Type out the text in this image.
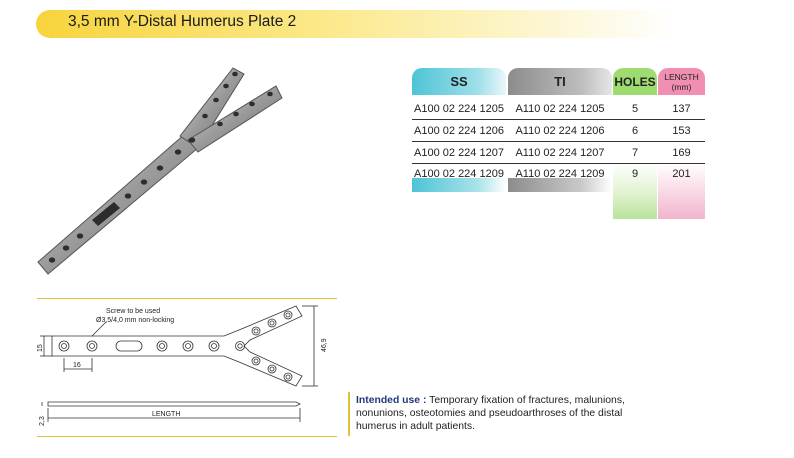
3,5 mm Y-Distal Humerus Plate 2
SS	TI	HOLES LENGTH
(mm)
A100 02 224 1205	A110 02 224 1205	5	137
A100 02 224 1206	A110 02 224 1206	6	153
A100 02 224 1207	A110 02 224 1207	7	169
A100 02 224 1209	A110 02 224 1209	9	201
Screw to be used
Ø3,5/4,0 mm non-locking
15
16
46,9
2,3
LENGTH
Intended use : Temporary fixation of fractures, malunions, nonunions, osteotomies and pseudoarthroses of the distal humerus in adult patients.
